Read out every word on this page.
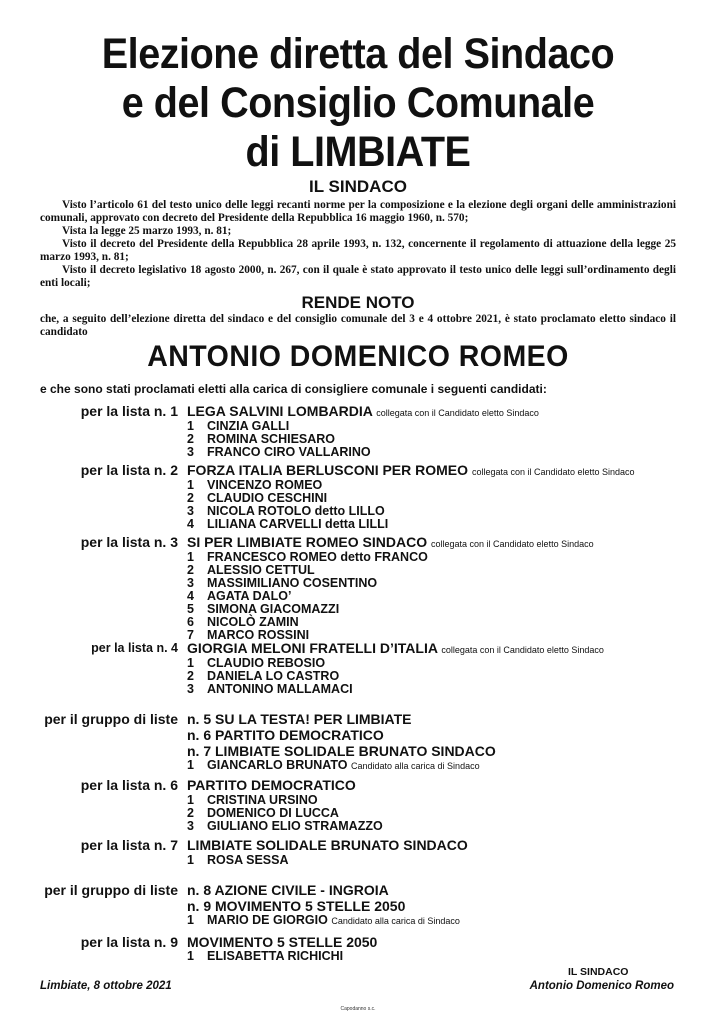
Elezione diretta del Sindaco
e del Consiglio Comunale
di LIMBIATE
IL SINDACO

Visto l’articolo 61 del testo unico delle leggi recanti norme per la composizione e la elezione degli organi delle amministrazioni comunali, approvato con decreto del Presidente della Repubblica 16 maggio 1960, n. 570;

Vista la legge 25 marzo 1993, n. 81;

Visto il decreto del Presidente della Repubblica 28 aprile 1993, n. 132, concernente il regolamento di attuazione della legge 25 marzo 1993, n. 81;

Visto il decreto legislativo 18 agosto 2000, n. 267, con il quale è stato approvato il testo unico delle leggi sull’ordinamento degli enti locali;

RENDE NOTO

che, a seguito dell’elezione diretta del sindaco e del consiglio comunale del 3 e 4 ottobre 2021, è stato proclamato eletto sindaco il candidato

ANTONIO DOMENICO ROMEO
e che sono stati proclamati eletti alla carica di consigliere comunale i seguenti candidati:
per la lista n. 1 LEGA SALVINI LOMBARDIA collegata con il Candidato eletto Sindaco
1 CINZIA GALLI
2 ROMINA SCHIESARO
3 FRANCO CIRO VALLARINO
per la lista n. 2 FORZA ITALIA BERLUSCONI PER ROMEO collegata con il Candidato eletto Sindaco
1 VINCENZO ROMEO
2 CLAUDIO CESCHINI
3 NICOLA ROTOLO detto LILLO
4 LILIANA CARVELLI detta LILLI
per la lista n. 3 SI PER LIMBIATE ROMEO SINDACO collegata con il Candidato eletto Sindaco
1 FRANCESCO ROMEO detto FRANCO
2 ALESSIO CETTUL
3 MASSIMILIANO COSENTINO
4 AGATA DALO’
5 SIMONA GIACOMAZZI
6 NICOLÒ ZAMIN
7 MARCO ROSSINI
per la lista n. 4 GIORGIA MELONI FRATELLI D’ITALIA collegata con il Candidato eletto Sindaco
1 CLAUDIO REBOSIO
2 DANIELA LO CASTRO
3 ANTONINO MALLAMACI
per il gruppo di liste n. 5 SU LA TESTA! PER LIMBIATE
n. 6 PARTITO DEMOCRATICO
n. 7 LIMBIATE SOLIDALE BRUNATO SINDACO
1 GIANCARLO BRUNATO Candidato alla carica di Sindaco
per la lista n. 6 PARTITO DEMOCRATICO
1 CRISTINA URSINO
2 DOMENICO DI LUCCA
3 GIULIANO ELIO STRAMAZZO
per la lista n. 7 LIMBIATE SOLIDALE BRUNATO SINDACO
1 ROSA SESSA
per il gruppo di liste n. 8 AZIONE CIVILE - INGROIA
n. 9 MOVIMENTO 5 STELLE 2050
1 MARIO DE GIORGIO Candidato alla carica di Sindaco
per la lista n. 9 MOVIMENTO 5 STELLE 2050
1 ELISABETTA RICHICHI
Limbiate, 8 ottobre 2021
IL SINDACO
Antonio Domenico Romeo
Capodanno s.c.
